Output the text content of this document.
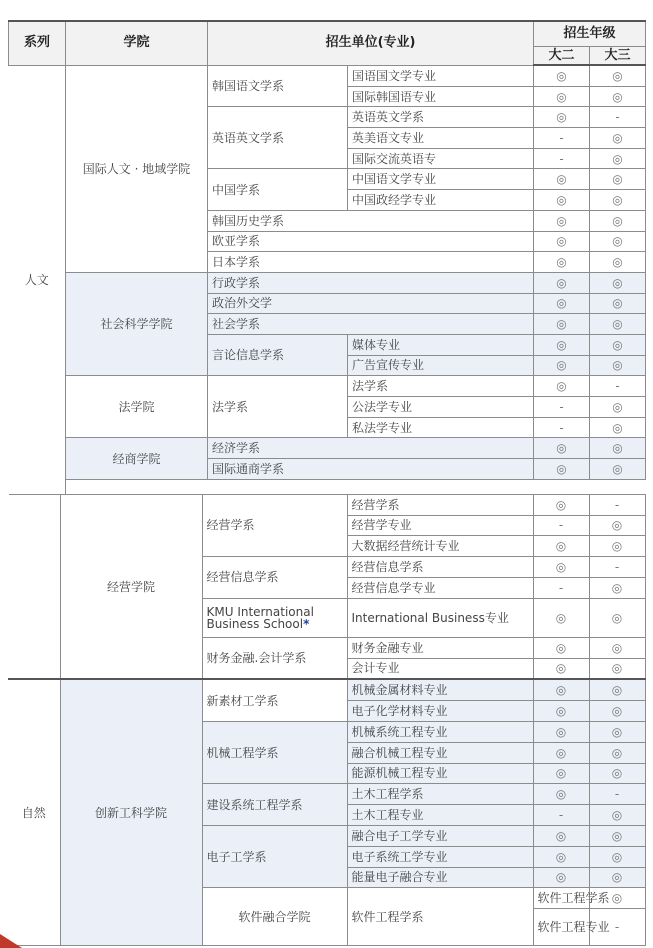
系列	学院	招生单位(专业)		招生年级	
				大二	大三
人文	国际人文 · 地域学院	韩国语文学系	国语国文学专业	◎	◎
			国际韩国语专业	◎	◎
		英语英文学系	英语英文学系	◎	-
			英美语文专业	-	◎
			国际交流英语专	-	◎
		中国学系	中国语文学专业	◎	◎
			中国政经学专业	◎	◎
		韩国历史学系		◎	◎
		欧亚学系		◎	◎
		日本学系		◎	◎
	社会科学学院	行政学系		◎	◎
		政治外交学		◎	◎
		社会学系		◎	◎
		言论信息学系	媒体专业	◎	◎
			广告宣传专业	◎	◎
	法学院	法学系	法学系	◎	-
			公法学专业	-	◎
			私法学专业	-	◎
	经商学院	经济学系		◎	◎
		国际通商学系		◎	◎

	经营学院	经营学系	经营学系	◎	-	
			经营学专业	-	◎	
			大数据经营统计专业	◎	◎	
		经营信息学系	经营信息学系	◎	-	
			经营信息学专业	-	◎	
		KMU International
Business School*	International Business专业	◎	◎	
		财务金融.会计学系	财务金融专业	◎	◎	
			会计专业	◎	◎	
自然	创新工科学院	新素材工学系	机械金属材料专业	◎	◎	
			电子化学材料专业	◎	◎	
		机械工程学系	机械系统工程专业	◎	◎	
			融合机械工程专业	◎	◎	
			能源机械工程专业	◎	◎	
		建设系统工程学系	土木工程学系	◎	-	
			土木工程专业	-	◎	
		电子工学系	融合电子工学专业	◎	◎	
			电子系统工学专业	◎	◎	
			能量电子融合专业	◎	◎	
		软件融合学院	软件工程学系	软件工程学系	◎	
				软件工程专业	-	
